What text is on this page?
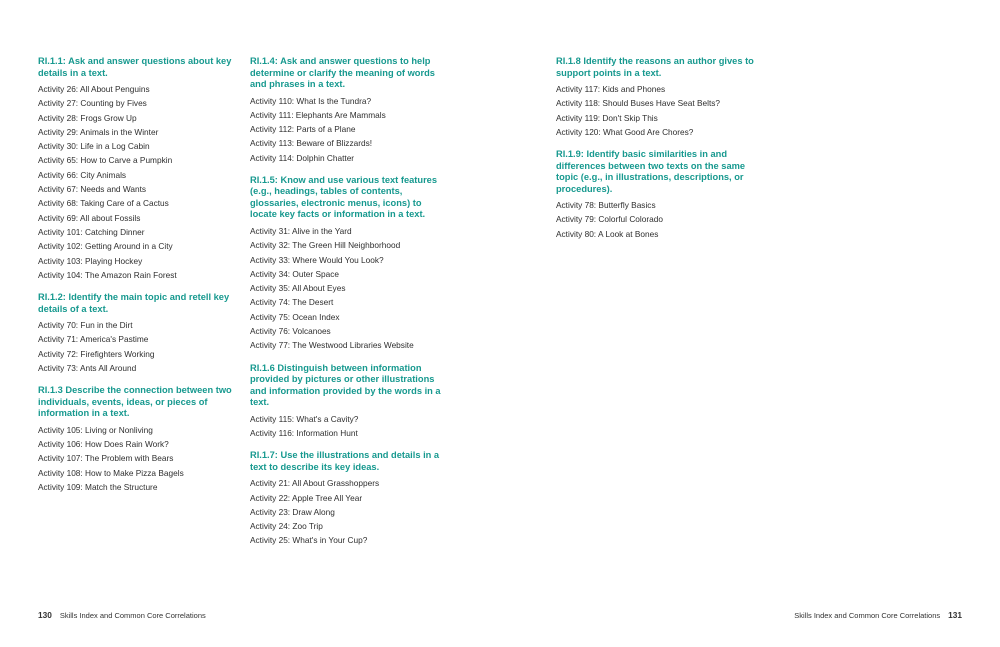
RI.1.1: Ask and answer questions about key details in a text.
Activity 26: All About Penguins
Activity 27: Counting by Fives
Activity 28: Frogs Grow Up
Activity 29: Animals in the Winter
Activity 30: Life in a Log Cabin
Activity 65: How to Carve a Pumpkin
Activity 66: City Animals
Activity 67: Needs and Wants
Activity 68: Taking Care of a Cactus
Activity 69: All about Fossils
Activity 101: Catching Dinner
Activity 102: Getting Around in a City
Activity 103: Playing Hockey
Activity 104: The Amazon Rain Forest
RI.1.2: Identify the main topic and retell key details of a text.
Activity 70: Fun in the Dirt
Activity 71: America's Pastime
Activity 72: Firefighters Working
Activity 73: Ants All Around
RI.1.3 Describe the connection between two individuals, events, ideas, or pieces of information in a text.
Activity 105: Living or Nonliving
Activity 106: How Does Rain Work?
Activity 107: The Problem with Bears
Activity 108: How to Make Pizza Bagels
Activity 109: Match the Structure
RI.1.4: Ask and answer questions to help determine or clarify the meaning of words and phrases in a text.
Activity 110: What Is the Tundra?
Activity 111: Elephants Are Mammals
Activity 112: Parts of a Plane
Activity 113: Beware of Blizzards!
Activity 114: Dolphin Chatter
RI.1.5: Know and use various text features (e.g., headings, tables of contents, glossaries, electronic menus, icons) to locate key facts or information in a text.
Activity 31: Alive in the Yard
Activity 32: The Green Hill Neighborhood
Activity 33: Where Would You Look?
Activity 34: Outer Space
Activity 35: All About Eyes
Activity 74: The Desert
Activity 75: Ocean Index
Activity 76: Volcanoes
Activity 77: The Westwood Libraries Website
RI.1.6 Distinguish between information provided by pictures or other illustrations and information provided by the words in a text.
Activity 115: What's a Cavity?
Activity 116: Information Hunt
RI.1.7: Use the illustrations and details in a text to describe its key ideas.
Activity 21: All About Grasshoppers
Activity 22: Apple Tree All Year
Activity 23: Draw Along
Activity 24: Zoo Trip
Activity 25: What's in Your Cup?
RI.1.8 Identify the reasons an author gives to support points in a text.
Activity 117: Kids and Phones
Activity 118: Should Buses Have Seat Belts?
Activity 119: Don't Skip This
Activity 120: What Good Are Chores?
RI.1.9: Identify basic similarities in and differences between two texts on the same topic (e.g., in illustrations, descriptions, or procedures).
Activity 78: Butterfly Basics
Activity 79: Colorful Colorado
Activity 80: A Look at Bones
130 Skills Index and Common Core Correlations	Skills Index and Common Core Correlations 131
